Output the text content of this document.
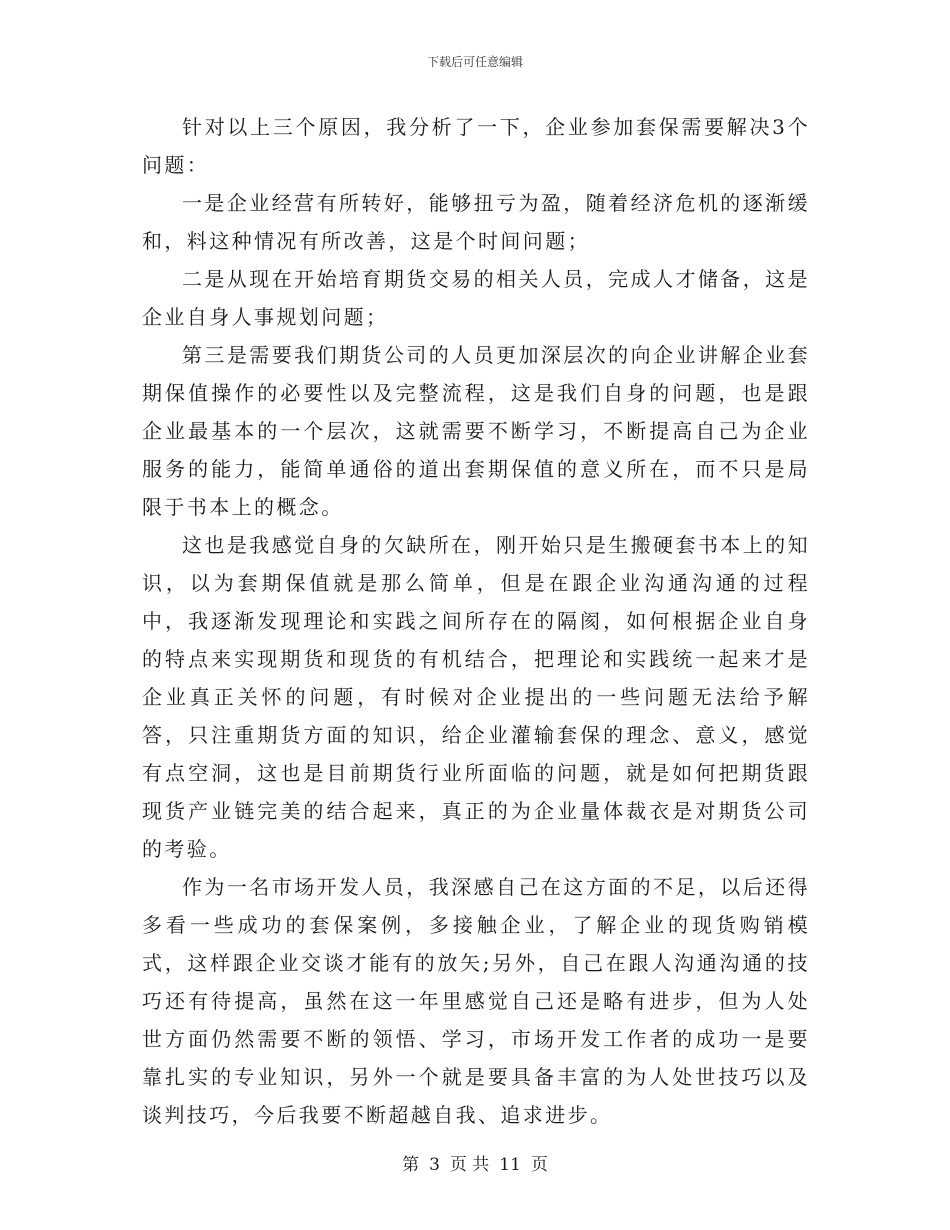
下载后可任意编辑

针对以上三个原因，我分析了一下，企业参加套保需要解决3个问题：

一是企业经营有所转好，能够扭亏为盈，随着经济危机的逐渐缓和，料这种情况有所改善，这是个时间问题；

二是从现在开始培育期货交易的相关人员，完成人才储备，这是企业自身人事规划问题；

第三是需要我们期货公司的人员更加深层次的向企业讲解企业套期保值操作的必要性以及完整流程，这是我们自身的问题，也是跟企业最基本的一个层次，这就需要不断学习，不断提高自己为企业服务的能力，能简单通俗的道出套期保值的意义所在，而不只是局限于书本上的概念。

这也是我感觉自身的欠缺所在，刚开始只是生搬硬套书本上的知识，以为套期保值就是那么简单，但是在跟企业沟通沟通的过程中，我逐渐发现理论和实践之间所存在的隔阂，如何根据企业自身的特点来实现期货和现货的有机结合，把理论和实践统一起来才是企业真正关怀的问题，有时候对企业提出的一些问题无法给予解答，只注重期货方面的知识，给企业灌输套保的理念、意义，感觉有点空洞，这也是目前期货行业所面临的问题，就是如何把期货跟现货产业链完美的结合起来，真正的为企业量体裁衣是对期货公司的考验。

作为一名市场开发人员，我深感自己在这方面的不足，以后还得多看一些成功的套保案例，多接触企业，了解企业的现货购销模式，这样跟企业交谈才能有的放矢;另外，自己在跟人沟通沟通的技巧还有待提高，虽然在这一年里感觉自己还是略有进步，但为人处世方面仍然需要不断的领悟、学习，市场开发工作者的成功一是要靠扎实的专业知识，另外一个就是要具备丰富的为人处世技巧以及谈判技巧，今后我要不断超越自我、追求进步。

第 3 页 共 11 页
